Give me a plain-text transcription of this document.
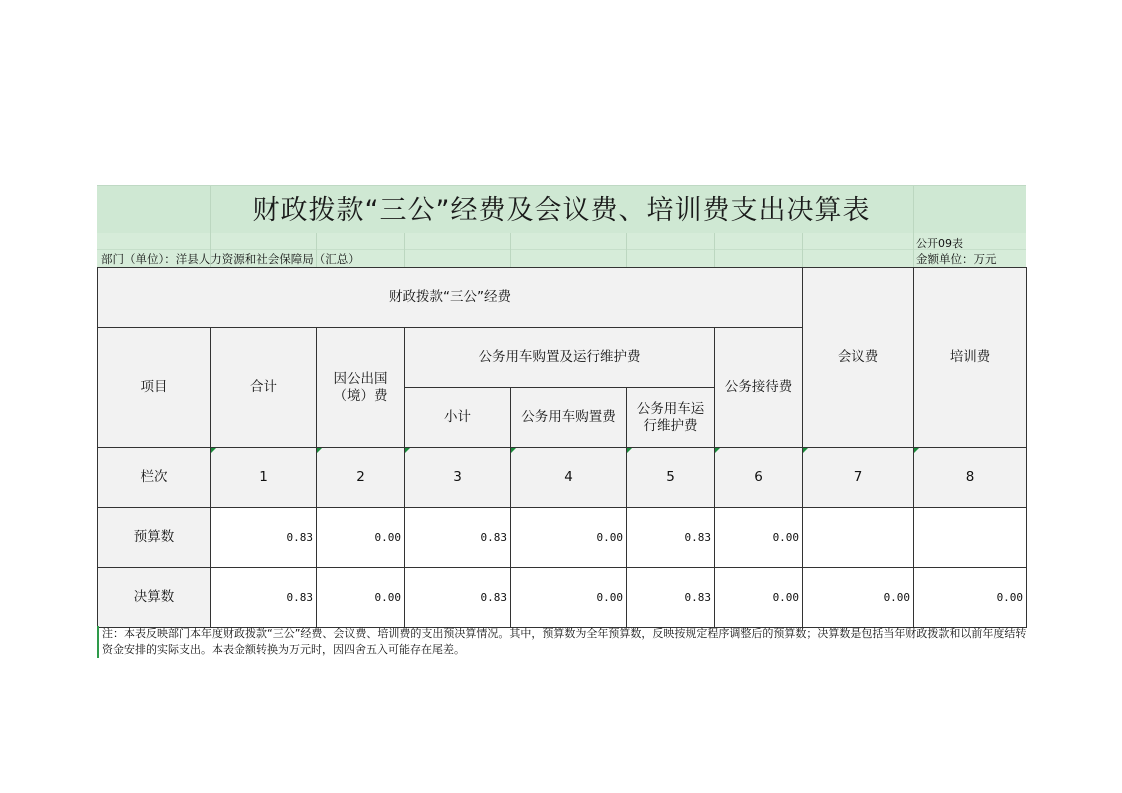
财政拨款“三公”经费及会议费、培训费支出决算表
部门（单位）：洋县人力资源和社会保障局（汇总）
公开09表
金额单位：万元
财政拨款“三公”经费							会议费	培训费
项目	合计	因公出国（境）费	公务用车购置及运行维护费			公务接待费		
			小计	公务用车购置费	公务用车运行维护费			
栏次	1	2	3	4	5	6	7	8
预算数	0.83	0.00	0.83	0.00	0.83	0.00		
决算数	0.83	0.00	0.83	0.00	0.83	0.00	0.00	0.00
注：本表反映部门本年度财政拨款“三公”经费、会议费、培训费的支出预决算情况。其中，预算数为全年预算数，反映按规定程序调整后的预算数；决算数是包括当年财政拨款和以前年度结转资金安排的实际支出。本表金额转换为万元时，因四舍五入可能存在尾差。
